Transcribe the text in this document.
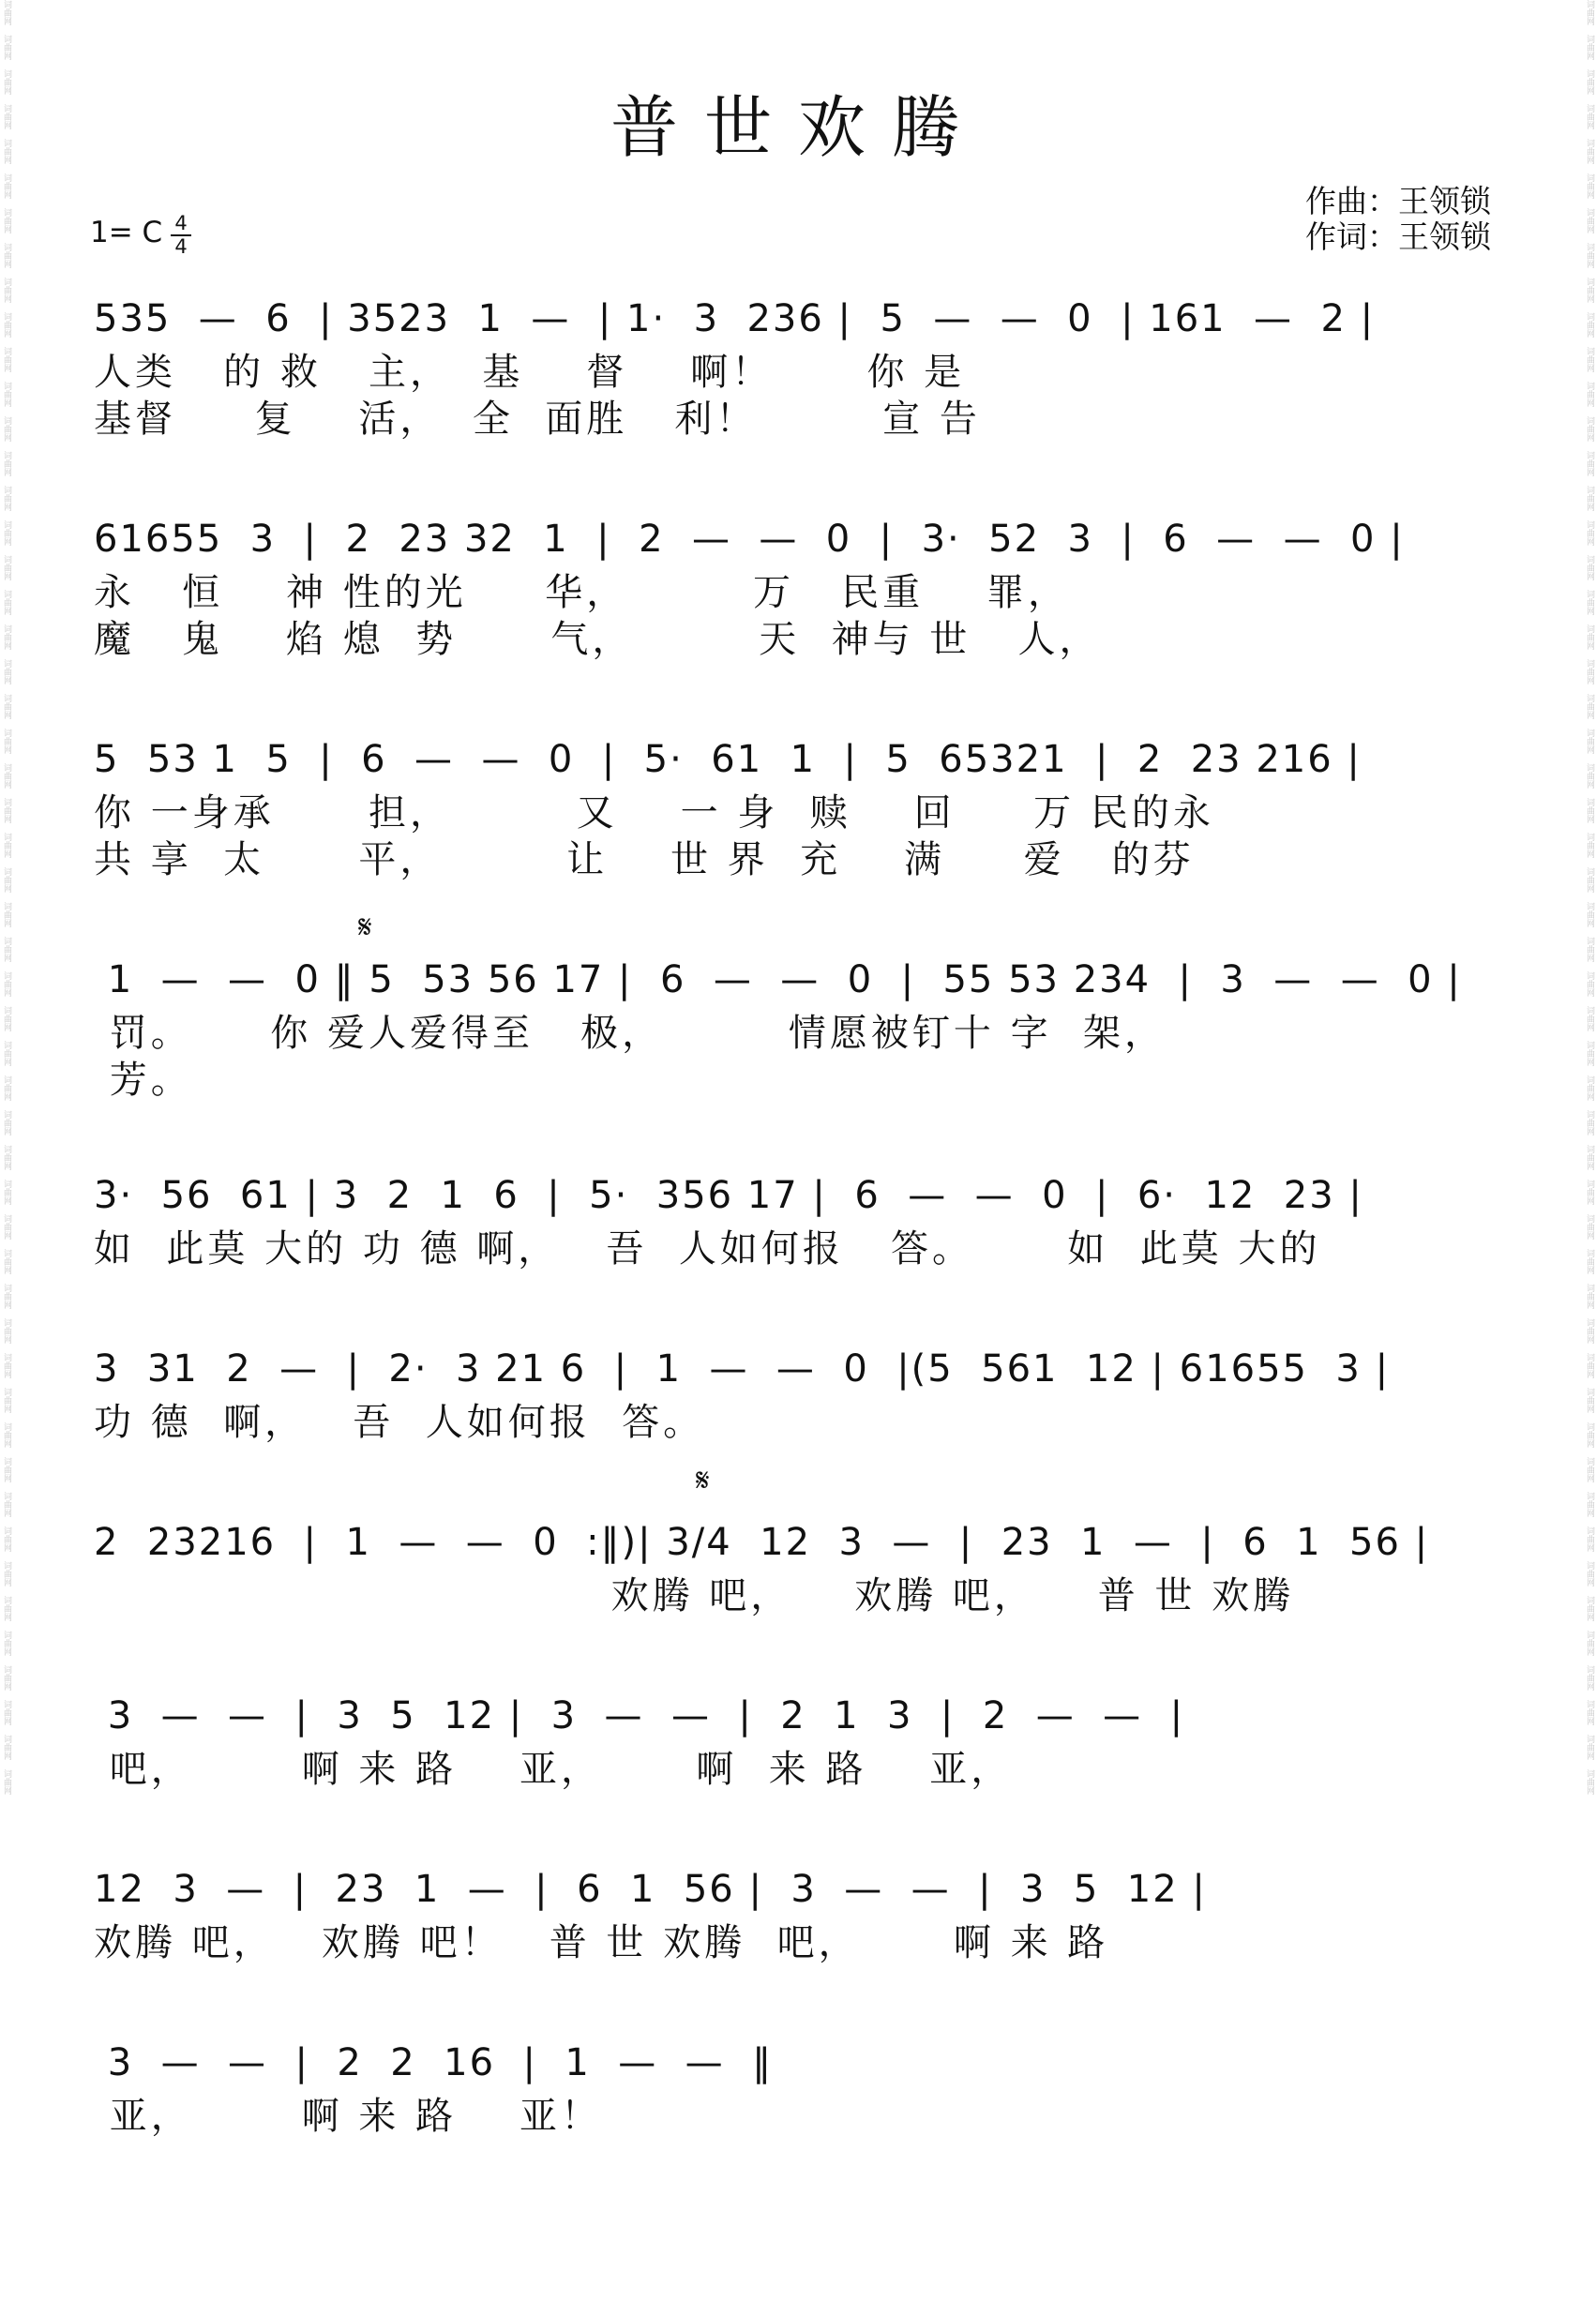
词曲网
词曲网
词曲网
词曲网
词曲网
词曲网
词曲网
词曲网
词曲网
词曲网
词曲网
词曲网
词曲网
词曲网
词曲网
词曲网
词曲网
词曲网
词曲网
词曲网
词曲网
词曲网
词曲网
词曲网
词曲网
词曲网
词曲网
词曲网
词曲网
词曲网
词曲网
词曲网
词曲网
词曲网
词曲网
词曲网
词曲网
词曲网
词曲网
词曲网
词曲网
词曲网
词曲网
词曲网
词曲网
词曲网
词曲网
词曲网
词曲网
词曲网
词曲网
词曲网
词曲网
词曲网
词曲网
词曲网
词曲网
词曲网
词曲网
词曲网
词曲网
词曲网
词曲网
词曲网
词曲网
词曲网
词曲网
词曲网
词曲网
词曲网
词曲网
词曲网
词曲网
词曲网
词曲网
词曲网
词曲网
词曲网
词曲网
词曲网
词曲网
词曲网
词曲网
词曲网
词曲网
词曲网
词曲网
词曲网
词曲网
词曲网
词曲网
词曲网
词曲网
词曲网
词曲网
词曲网
词曲网
词曲网
词曲网
词曲网
词曲网
词曲网
词曲网
词曲网
普世欢腾
作曲：王领锁
作词：王领锁
1= C $\frac{4}{4}$
535  —  6  | 3523  1  —  | 1·  3  236 |  5  —  —  0  | 161  —  2 |
人类   的 救   主，  基    督    啊！      你 是
基督     复    活，  全  面胜   利！        宣 告
61655  3  |  2  23 32  1  |  2  —  —  0  |  3·  52  3  |  6  —  —  0 |
永   恒    神 性的光     华，        万   民重    罪，
魔   鬼    焰 熄  势      气，        天  神与 世   人，
5  53 1  5  |  6  —  —  0  |  5·  61  1  |  5  65321  |  2  23 216 |
你 一身承      担，        又    一 身  赎    回     万 民的永
共 享  太      平，        让    世 界  充    满     爱   的芬
1  —  —  0 ‖ 5  53 56 17 |  6  —  —  0  |  55 53 234  |  3  —  —  0 |
罚。     你 爱人爱得至   极，        情愿被钉十 字  架，
芳。
3·  56  61 | 3  2  1  6  |  5·  356 17 |  6  —  —  0  |  6·  12  23 |
如  此莫 大的 功 德 啊，   吾  人如何报   答。      如  此莫 大的
3  31  2  —  |  2·  3 21 6  |  1  —  —  0  |(5  561  12 | 61655  3 |
功 德  啊，   吾  人如何报  答。
2  23216  |  1  —  —  0  :‖)| 3/4  12  3  —  |  23  1  —  |  6  1  56 |
欢腾 吧，    欢腾 吧，    普 世 欢腾
3  —  —  |  3  5  12 |  3  —  —  |  2  1  3  |  2  —  —  |
吧，       啊 来 路    亚，      啊  来 路    亚，
12  3  —  |  23  1  —  |  6  1  56 |  3  —  —  |  3  5  12 |
欢腾 吧，   欢腾 吧！   普 世 欢腾  吧，      啊 来 路
3  —  —  |  2  2  16  |  1  —  —  ‖
亚，       啊 来 路    亚！
𝄋
𝄋
